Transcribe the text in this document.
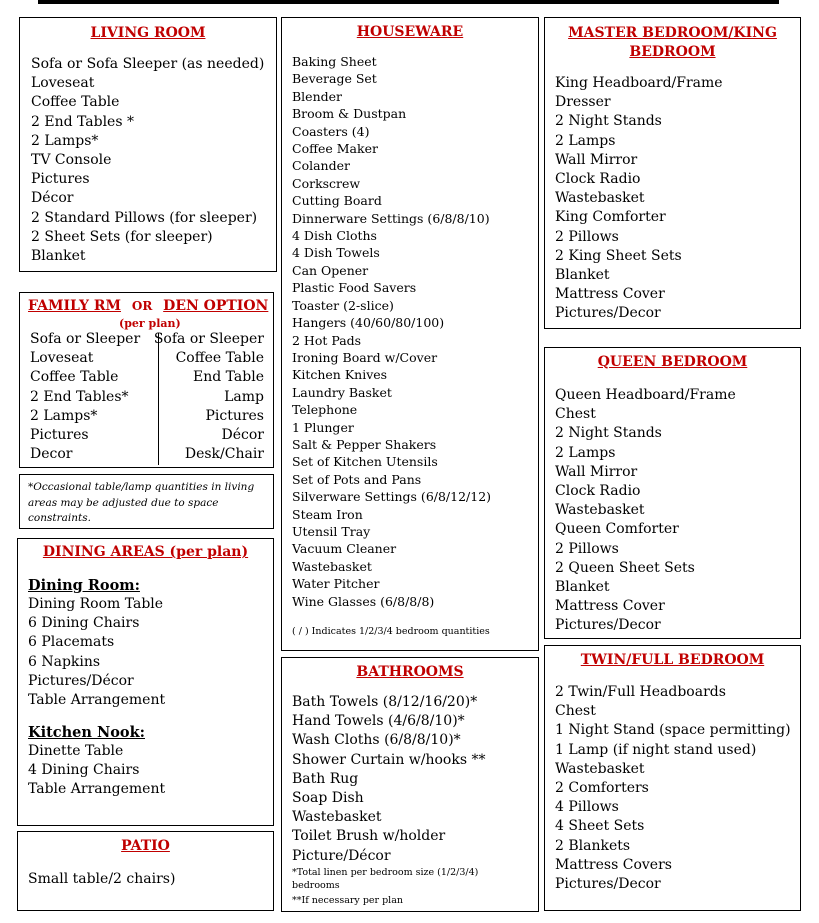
LIVING ROOM
Sofa or Sofa Sleeper (as needed)
Loveseat
Coffee Table
2 End Tables *
2 Lamps*
TV Console
Pictures
Décor
2 Standard Pillows (for sleeper)
2 Sheet Sets (for sleeper)
Blanket
FAMILY RM OR DEN OPTION
(per plan)
Sofa or Sleeper
Loveseat
Coffee Table
2 End Tables*
2 Lamps*
Pictures
Decor
Sofa or Sleeper
Coffee Table
End Table
Lamp
Pictures
Décor
Desk/Chair
*Occasional table/lamp quantities in living areas may be adjusted due to space constraints.
DINING AREAS (per plan)
Dining Room:
Dining Room Table
6 Dining Chairs
6 Placemats
6 Napkins
Pictures/Décor
Table Arrangement
Kitchen Nook:
Dinette Table
4 Dining Chairs
Table Arrangement
PATIO
Small table/2 chairs)
HOUSEWARE
Baking Sheet
Beverage Set
Blender
Broom & Dustpan
Coasters (4)
Coffee Maker
Colander
Corkscrew
Cutting Board
Dinnerware Settings (6/8/8/10)
4 Dish Cloths
4 Dish Towels
Can Opener
Plastic Food Savers
Toaster (2-slice)
Hangers (40/60/80/100)
2 Hot Pads
Ironing Board w/Cover
Kitchen Knives
Laundry Basket
Telephone
1 Plunger
Salt & Pepper Shakers
Set of Kitchen Utensils
Set of Pots and Pans
Silverware Settings (6/8/12/12)
Steam Iron
Utensil Tray
Vacuum Cleaner
Wastebasket
Water Pitcher
Wine Glasses (6/8/8/8)
( / ) Indicates 1/2/3/4 bedroom quantities
BATHROOMS
Bath Towels (8/12/16/20)*
Hand Towels (4/6/8/10)*
Wash Cloths (6/8/8/10)*
Shower Curtain w/hooks **
Bath Rug
Soap Dish
Wastebasket
Toilet Brush w/holder
Picture/Décor
*Total linen per bedroom size (1/2/3/4) bedrooms
**If necessary per plan
MASTER BEDROOM/KING
BEDROOM
King Headboard/Frame
Dresser
2 Night Stands
2 Lamps
Wall Mirror
Clock Radio
Wastebasket
King Comforter
2 Pillows
2 King Sheet Sets
Blanket
Mattress Cover
Pictures/Decor
QUEEN BEDROOM
Queen Headboard/Frame
Chest
2 Night Stands
2 Lamps
Wall Mirror
Clock Radio
Wastebasket
Queen Comforter
2 Pillows
2 Queen Sheet Sets
Blanket
Mattress Cover
Pictures/Decor
TWIN/FULL BEDROOM
2 Twin/Full Headboards
Chest
1 Night Stand (space permitting)
1 Lamp (if night stand used)
Wastebasket
2 Comforters
4 Pillows
4 Sheet Sets
2 Blankets
Mattress Covers
Pictures/Decor
